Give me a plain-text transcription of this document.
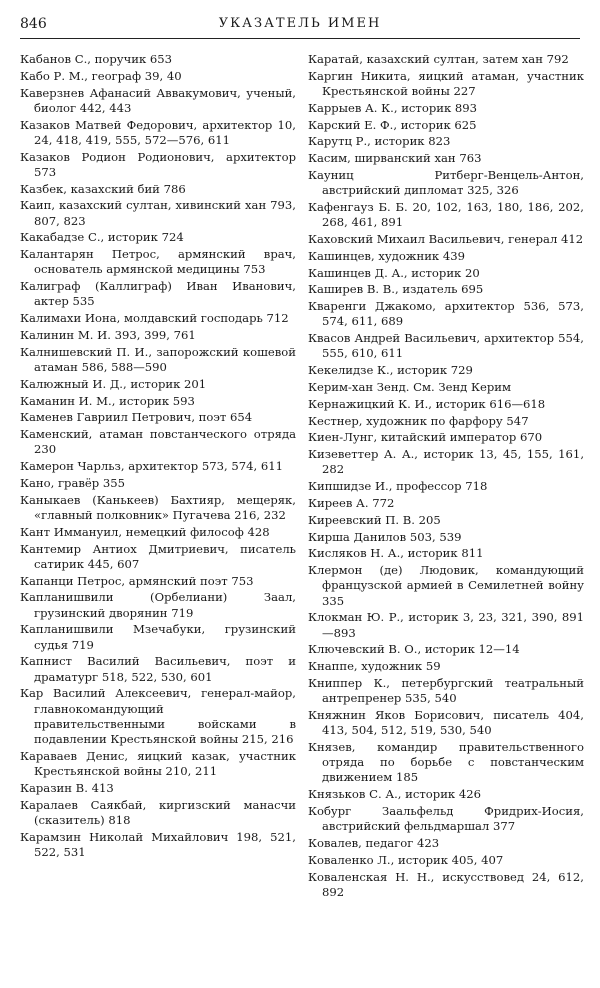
846	УКАЗАТЕЛЬ ИМЕН

Кабанов С., поручик 653

Кабо Р. М., географ 39, 40

Каверзнев Афанасий Аввакумович, ученый, биолог 442, 443

Казаков Матвей Федорович, архитектор 10, 24, 418, 419, 555, 572—576, 611

Казаков Родион Родионович, архитектор 573

Казбек, казахский бий 786

Каип, казахский султан, хивинский хан 793, 807, 823

Какабадзе С., историк 724

Калантарян Петрос, армянский врач, основатель армянской медицины 753

Калиграф (Каллиграф) Иван Иванович, актер 535

Калимахи Иона, молдавский господарь 712

Калинин М. И. 393, 399, 761

Калнишевский П. И., запорожский кошевой атаман 586, 588—590

Калюжный И. Д., историк 201

Каманин И. М., историк 593

Каменев Гавриил Петрович, поэт 654

Каменский, атаман повстанческого отряда 230

Камерон Чарльз, архитектор 573, 574, 611

Кано, гравёр 355

Каныкаев (Канькеев) Бахтияр, мещеряк, «главный полковник» Пугачева 216, 232

Кант Иммануил, немецкий философ 428

Кантемир Антиох Дмитриевич, писатель сатирик 445, 607

Капанци Петрос, армянский поэт 753

Капланишвили (Орбелиани) Заал, грузинский дворянин 719

Капланишвили Мзечабуки, грузинский судья 719

Капнист Василий Васильевич, поэт и драматург 518, 522, 530, 601

Кар Василий Алексеевич, генерал-майор, главнокомандующий правительственными войсками в подавлении Крестьянской войны 215, 216

Караваев Денис, яицкий казак, участник Крестьянской войны 210, 211

Каразин В. 413

Каралаев Саякбай, киргизский манасчи (сказитель) 818

Карамзин Николай Михайлович 198, 521, 522, 531

Каратай, казахский султан, затем хан 792

Каргин Никита, яицкий атаман, участник Крестьянской войны 227

Каррыев А. К., историк 893

Карский Е. Ф., историк 625

Карутц Р., историк 823

Касим, ширванский хан 763

Кауниц Ритберг-Венцель-Антон, австрийский дипломат 325, 326

Кафенгауз Б. Б. 20, 102, 163, 180, 186, 202, 268, 461, 891

Каховский Михаил Васильевич, генерал 412

Кашинцев, художник 439

Кашинцев Д. А., историк 20

Каширев В. В., издатель 695

Кваренги Джакомо, архитектор 536, 573, 574, 611, 689

Квасов Андрей Васильевич, архитектор 554, 555, 610, 611

Кекелидзе К., историк 729

Керим-хан Зенд. См. Зенд Керим

Кернажицкий К. И., историк 616—618

Кестнер, художник по фарфору 547

Киен-Лунг, китайский император 670

Кизеветтер А. А., историк 13, 45, 155, 161, 282

Кипшидзе И., профессор 718

Киреев А. 772

Киреевский П. В. 205

Кирша Данилов 503, 539

Кисляков Н. А., историк 811

Клермон (де) Людовик, командующий французской армией в Семилетней войну 335

Клокман Ю. Р., историк 3, 23, 321, 390, 891—893

Ключевский В. О., историк 12—14

Кнаппе, художник 59

Книппер К., петербургский театральный антрепренер 535, 540

Княжнин Яков Борисович, писатель 404, 413, 504, 512, 519, 530, 540

Князев, командир правительственного отряда по борьбе с повстанческим движением 185

Князьков С. А., историк 426

Кобург Заальфельд Фридрих-Иосия, австрийский фельдмаршал 377

Ковалев, педагог 423

Коваленко Л., историк 405, 407

Коваленская Н. Н., искусствовед 24, 612, 892
